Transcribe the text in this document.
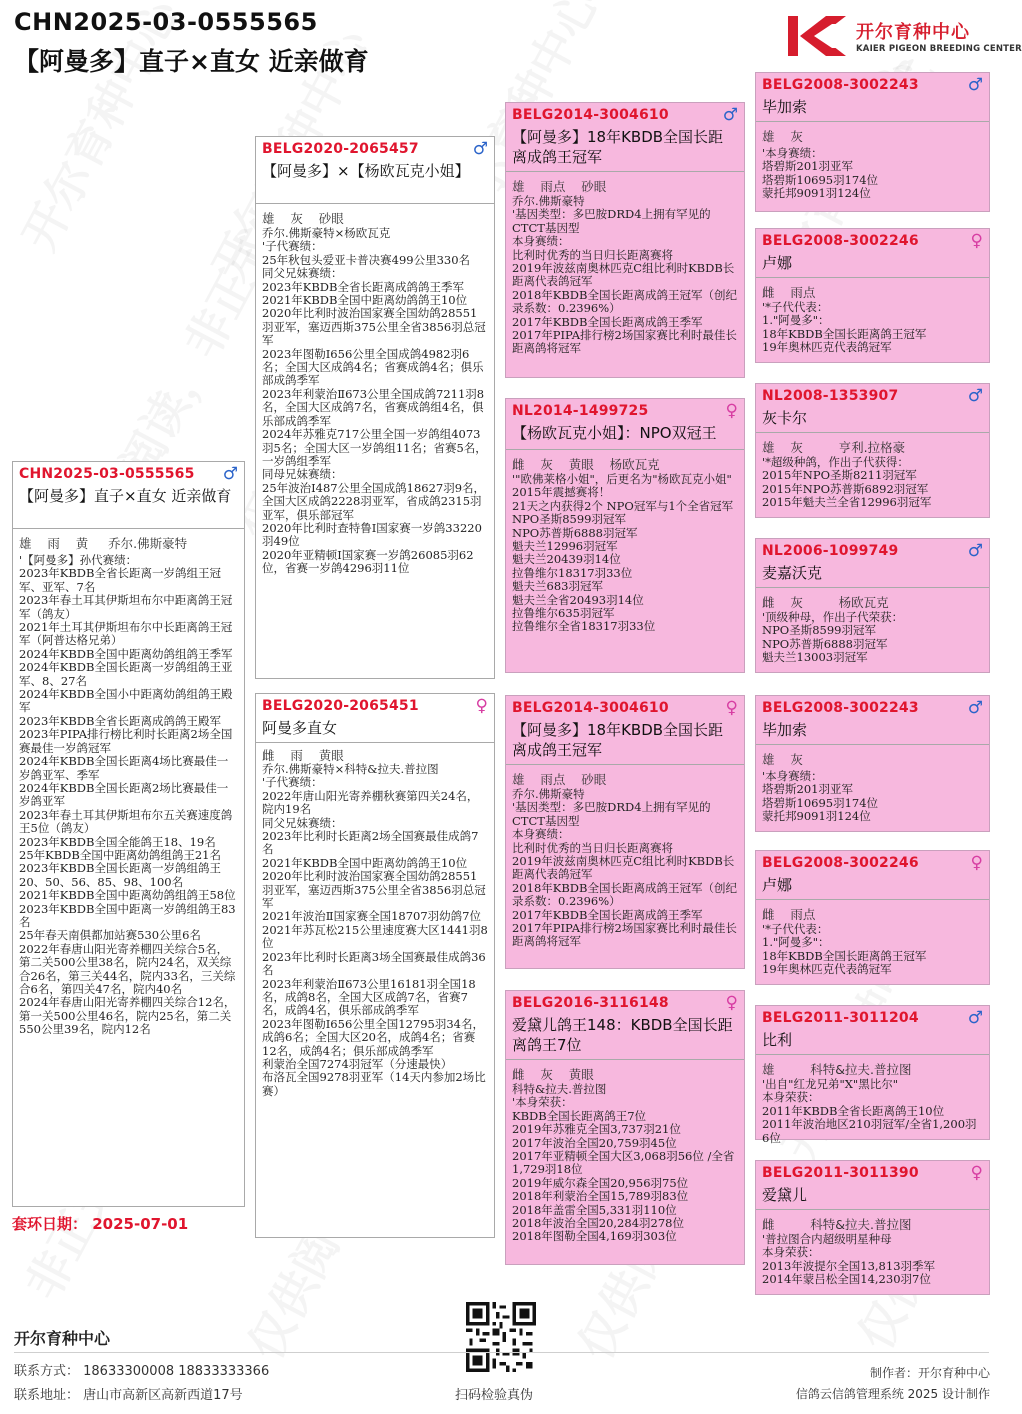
CHN2025-03-0555565
【阿曼多】直子×直女 近亲做育
开尔育种中心
KAIER PIGEON BREEDING CENTER
CHN2025-03-0555565 ♂
【阿曼多】直子×直女 近亲做育
雄    雨    黄     乔尔.佛斯豪特
'【阿曼多】孙代赛绩：
2023年KBDB全省长距离一岁鸽组王冠军、亚军、7名
2023年春土耳其伊斯坦布尔中距离鸽王冠军（鸽友）
2021年土耳其伊斯坦布尔中长距离鸽王冠军（阿普达格兄弟）
2024年KBDB全国中距离幼鸽组鸽王季军
2024年KBDB全国长距离一岁鸽组鸽王亚军、8、27名
2024年KBDB全国小中距离幼鸽组鸽王殿军
2023年KBDB全省长距离成鸽鸽王殿军
2023年PIPA排行榜比利时长距离2场全国赛最佳一岁鸽冠军
2024年KBDB全国长距离4场比赛最佳一岁鸽亚军、季军
2024年KBDB全国长距离2场比赛最佳一岁鸽亚军
2023年春土耳其伊斯坦布尔五关赛速度鸽王5位（鸽友）
2023年KBDB全国全能鸽王18、19名
25年KBDB全国中距离幼鸽组鸽王21名
2023年KBDB全国长距离一岁鸽组鸽王20、50、56、85、98、100名
2021年KBDB全国中距离幼鸽组鸽王58位
2023年KBDB全国中距离一岁鸽组鸽王83名
25年春天南俱都加站赛530公里6名
2022年春唐山阳光寄养棚四关综合5名，第二关500公里38名，院内24名，双关综合26名，第三关44名，院内33名，三关综合6名，第四关47名，院内40名
2024年春唐山阳光寄养棚四关综合12名，第一关500公里46名，院内25名，第二关550公里39名，院内12名
套环日期： 2025-07-01
BELG2020-2065457	♂
【阿曼多】×【杨欧瓦克小姐】
雄    灰    砂眼
乔尔.佛斯豪特×杨欧瓦克
'子代赛绩：
25年秋包头爱亚卡普决赛499公里330名
同父兄妹赛绩：
2023年KBDB全省长距离成鸽鸽王季军
2021年KBDB全国中距离幼鸽鸽王10位
2020年比利时波治国家赛全国幼鸽28551羽亚军，塞迈西斯375公里全省3856羽总冠军
2023年图勒I656公里全国成鸽4982羽6名；全国大区成鸽4名；省赛成鸽4名；俱乐部成鸽季军
2023年利蒙治Ⅱ673公里全国成鸽7211羽8名，全国大区成鸽7名，省赛成鸽组4名，俱乐部成鸽季军
2024年苏雅克717公里全国一岁鸽组4073羽5名；全国大区一岁鸽组11名；省赛5名，一岁鸽组季军
同母兄妹赛绩：
25年波治Ⅰ487公里全国成鸽18627羽9名，全国大区成鸽2228羽亚军，省成鸽2315羽亚军，俱乐部冠军
2020年比利时查特鲁I国家赛一岁鸽33220羽49位
2020年亚精顿I国家赛一岁鸽26085羽62位，省赛一岁鸽4296羽11位
BELG2020-2065451	♀
阿曼多直女
雌    雨    黄眼
乔尔.佛斯豪特×科特&拉夫.普拉图
'子代赛绩：
2022年唐山阳光寄养棚秋赛第四关24名，院内19名
同父兄妹赛绩：
2023年比利时长距离2场全国赛最佳成鸽7名
2021年KBDB全国中距离幼鸽鸽王10位
2020年比利时波治国家赛全国幼鸽28551羽亚军，塞迈西斯375公里全省3856羽总冠军
2021年波治Ⅱ国家赛全国18707羽幼鸽7位
2021年苏瓦松215公里速度赛大区1441羽8位
2023年比利时长距离3场全国赛最佳成鸽36名
2023年利蒙治Ⅱ673公里16181羽全国18名，成鸽8名，全国大区成鸽7名，省赛7名，成鸽4名，俱乐部成鸽季军
2023年图勒I656公里全国12795羽34名，成鸽6名；全国大区20名，成鸽4名；省赛12名，成鸽4名；俱乐部成鸽季军
利蒙治全国7274羽冠军（分速最快）
布洛瓦全国9278羽亚军（14天内参加2场比赛）
BELG2014-3004610	♂
【阿曼多】18年KBDB全国长距离成鸽王冠军
雄    雨点    砂眼
乔尔.佛斯豪特
'基因类型：多巴胺DRD4上拥有罕见的CTCT基因型
本身赛绩：
比利时优秀的当日归长距离赛将
2019年波兹南奥林匹克C组比利时KBDB长距离代表鸽冠军
2018年KBDB全国长距离成鸽王冠军（创纪录系数：0.2396%）
2017年KBDB全国长距离成鸽王季军
2017年PIPA排行榜2场国家赛比利时最佳长距离鸽将冠军
NL2014-1499725	♀
【杨欧瓦克小姐】：NPO双冠王
雌    灰    黄眼    杨欧瓦克
'"欧佛莱格小姐"，后更名为"杨欧瓦克小姐"
2015年震撼赛将！
21天之内获得2个 NPO冠军与1个全省冠军
NPO圣斯8599羽冠军
NPO苏普斯6888羽冠军
魁夫兰12996羽冠军
魁夫兰20439羽14位
拉鲁维尔18317羽33位
魁夫兰683羽冠军
魁夫兰全省20493羽14位
拉鲁维尔635羽冠军
拉鲁维尔全省18317羽33位
BELG2014-3004610	♀
【阿曼多】18年KBDB全国长距离成鸽王冠军
雄    雨点    砂眼
乔尔.佛斯豪特
'基因类型：多巴胺DRD4上拥有罕见的CTCT基因型
本身赛绩：
比利时优秀的当日归长距离赛将
2019年波兹南奥林匹克C组比利时KBDB长距离代表鸽冠军
2018年KBDB全国长距离成鸽王冠军（创纪录系数：0.2396%）
2017年KBDB全国长距离成鸽王季军
2017年PIPA排行榜2场国家赛比利时最佳长距离鸽将冠军
BELG2016-3116148	♀
爱黛儿鸽王148：KBDB全国长距离鸽王7位
雌    灰    黄眼
科特&拉夫.普拉图
'本身荣获：
KBDB全国长距离鸽王7位
2019年苏雅克全国3,737羽21位
2017年波治全国20,759羽45位
2017年亚精顿全国大区3,068羽56位 /全省1,729羽18位
2019年威尔森全国20,956羽75位
2018年利蒙治全国15,789羽83位
2018年盖雷全国5,331羽110位
2018年波治全国20,284羽278位
2018年图勒全国4,169羽303位
BELG2008-3002243	♂
毕加索
雄    灰
'本身赛绩：
塔碧斯201羽亚军
塔碧斯10695羽174位
蒙托邦9091羽124位
BELG2008-3002246	♀
卢娜
雌    雨点
'*子代代表：
1."阿曼多"：
18年KBDB全国长距离鸽王冠军
19年奥林匹克代表鸽冠军
NL2008-1353907	♂
灰卡尔
雄    灰         亨利.拉格豪
'*超级种鸽，作出子代获得：
2015年NPO圣斯8211羽冠军
2015年NPO苏普斯6892羽冠军
2015年魁夫兰全省12996羽冠军
NL2006-1099749	♂
麦嘉沃克
雌    灰         杨欧瓦克
'顶级种母，作出子代荣获：
NPO圣斯8599羽冠军
NPO苏普斯6888羽冠军
魁夫兰13003羽冠军
BELG2008-3002243	♂
毕加索
雄    灰
'本身赛绩：
塔碧斯201羽亚军
塔碧斯10695羽174位
蒙托邦9091羽124位
BELG2008-3002246	♀
卢娜
雌    雨点
'*子代代表：
1."阿曼多"：
18年KBDB全国长距离鸽王冠军
19年奥林匹克代表鸽冠军
BELG2011-3011204	♂
比利
雄         科特&拉夫.普拉图
'出自"红龙兄弟"X"黑比尔"
本身荣获：
2011年KBDB全省长距离鸽王10位
2011年波治地区210羽冠军/全省1,200羽6位
BELG2011-3011390	♀
爱黛儿
雌         科特&拉夫.普拉图
'普拉图合内超级明星种母
本身荣获：
2013年波提尔全国13,813羽季军
2014年蒙吕松全国14,230羽7位
开尔育种中心
联系方式： 18633300008 18833333366
联系地址： 唐山市高新区高新西道17号	扫码检验真伪
制作者：开尔育种中心
信鸽云信鸽管理系统 2025 设计制作
